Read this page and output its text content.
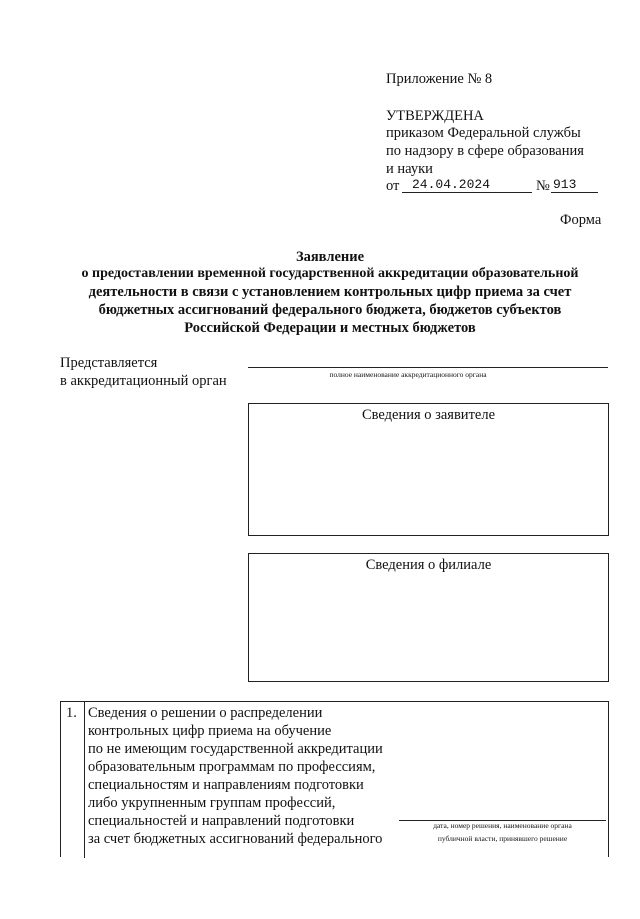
Приложение № 8
УТВЕРЖДЕНА
приказом Федеральной службы
по надзору в сфере образования
и науки
от 24.04.2024	№ 913
Форма
Заявление
о предоставлении временной государственной аккредитации образовательной
деятельности в связи с установлением контрольных цифр приема за счет
бюджетных ассигнований федерального бюджета, бюджетов субъектов
Российской Федерации и местных бюджетов
Представляется
в аккредитационный орган	полное наименование аккредитационного органа
Сведения о заявителе
Сведения о филиале
1. Сведения о решении о распределении
контрольных цифр приема на обучение
по не имеющим государственной аккредитации
образовательным программам по профессиям,
специальностям и направлениям подготовки
либо укрупненным группам профессий,
специальностей и направлений подготовки
за счет бюджетных ассигнований федерального
дата, номер решения, наименование органа
публичной власти, принявшего решение
